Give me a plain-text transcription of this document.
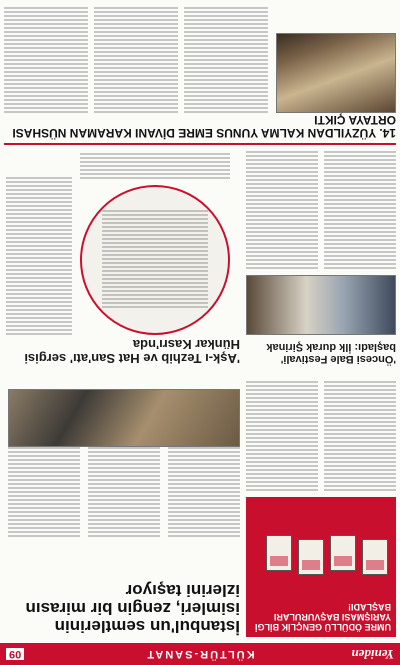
Yeniden
KÜLTÜR-SANAT
09
İstanbul'un semtlerinin isimleri, zengin bir mirasın izlerini taşıyor
UMRE ÖDÜLLÜ GENÇLİK BİLGİ YARIŞMASI BAŞVURULARI BAŞLADI!
'Aşk-ı Tezhib ve Hat San'atı' sergisi Hünkar Kasrı'nda
'Öncesi Bale Festivali' başladı: İlk durak Şirinak
14. YÜZYILDAN KALMA YUNUS EMRE DİVANI KARAMAN NÜSHASI ORTAYA ÇIKTI
